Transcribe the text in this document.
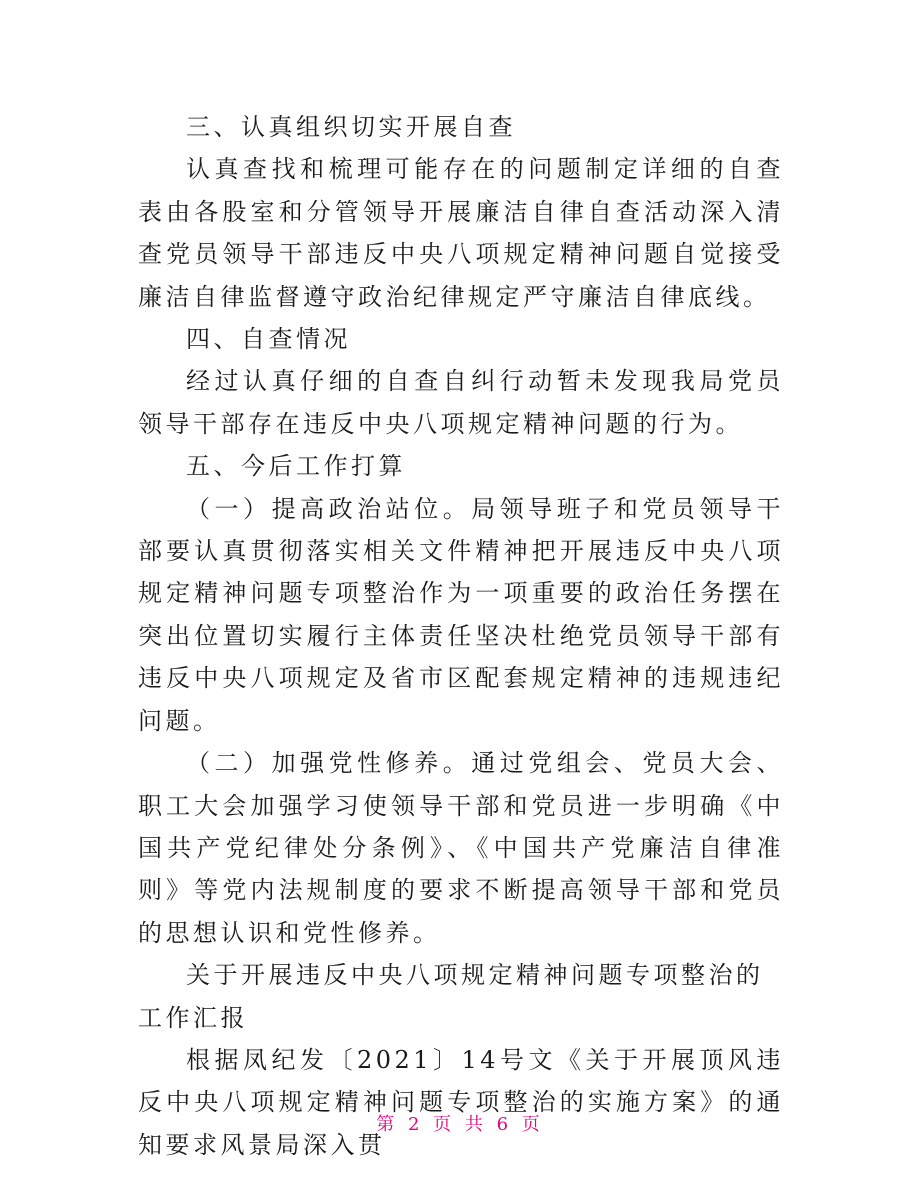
三、认真组织切实开展自查

认真查找和梳理可能存在的问题制定详细的自查表由各股室和分管领导开展廉洁自律自查活动深入清查党员领导干部违反中央八项规定精神问题自觉接受廉洁自律监督遵守政治纪律规定严守廉洁自律底线。

四、自查情况

经过认真仔细的自查自纠行动暂未发现我局党员领导干部存在违反中央八项规定精神问题的行为。

五、今后工作打算

（一）提高政治站位。局领导班子和党员领导干部要认真贯彻落实相关文件精神把开展违反中央八项规定精神问题专项整治作为一项重要的政治任务摆在突出位置切实履行主体责任坚决杜绝党员领导干部有违反中央八项规定及省市区配套规定精神的违规违纪问题。

（二）加强党性修养。通过党组会、党员大会、职工大会加强学习使领导干部和党员进一步明确《中国共产党纪律处分条例》、《中国共产党廉洁自律准则》等党内法规制度的要求不断提高领导干部和党员的思想认识和党性修养。

关于开展违反中央八项规定精神问题专项整治的工作汇报

根据凤纪发〔2021〕14号文《关于开展顶风违反中央八项规定精神问题专项整治的实施方案》的通知要求风景局深入贯

第 2 页 共 6 页
